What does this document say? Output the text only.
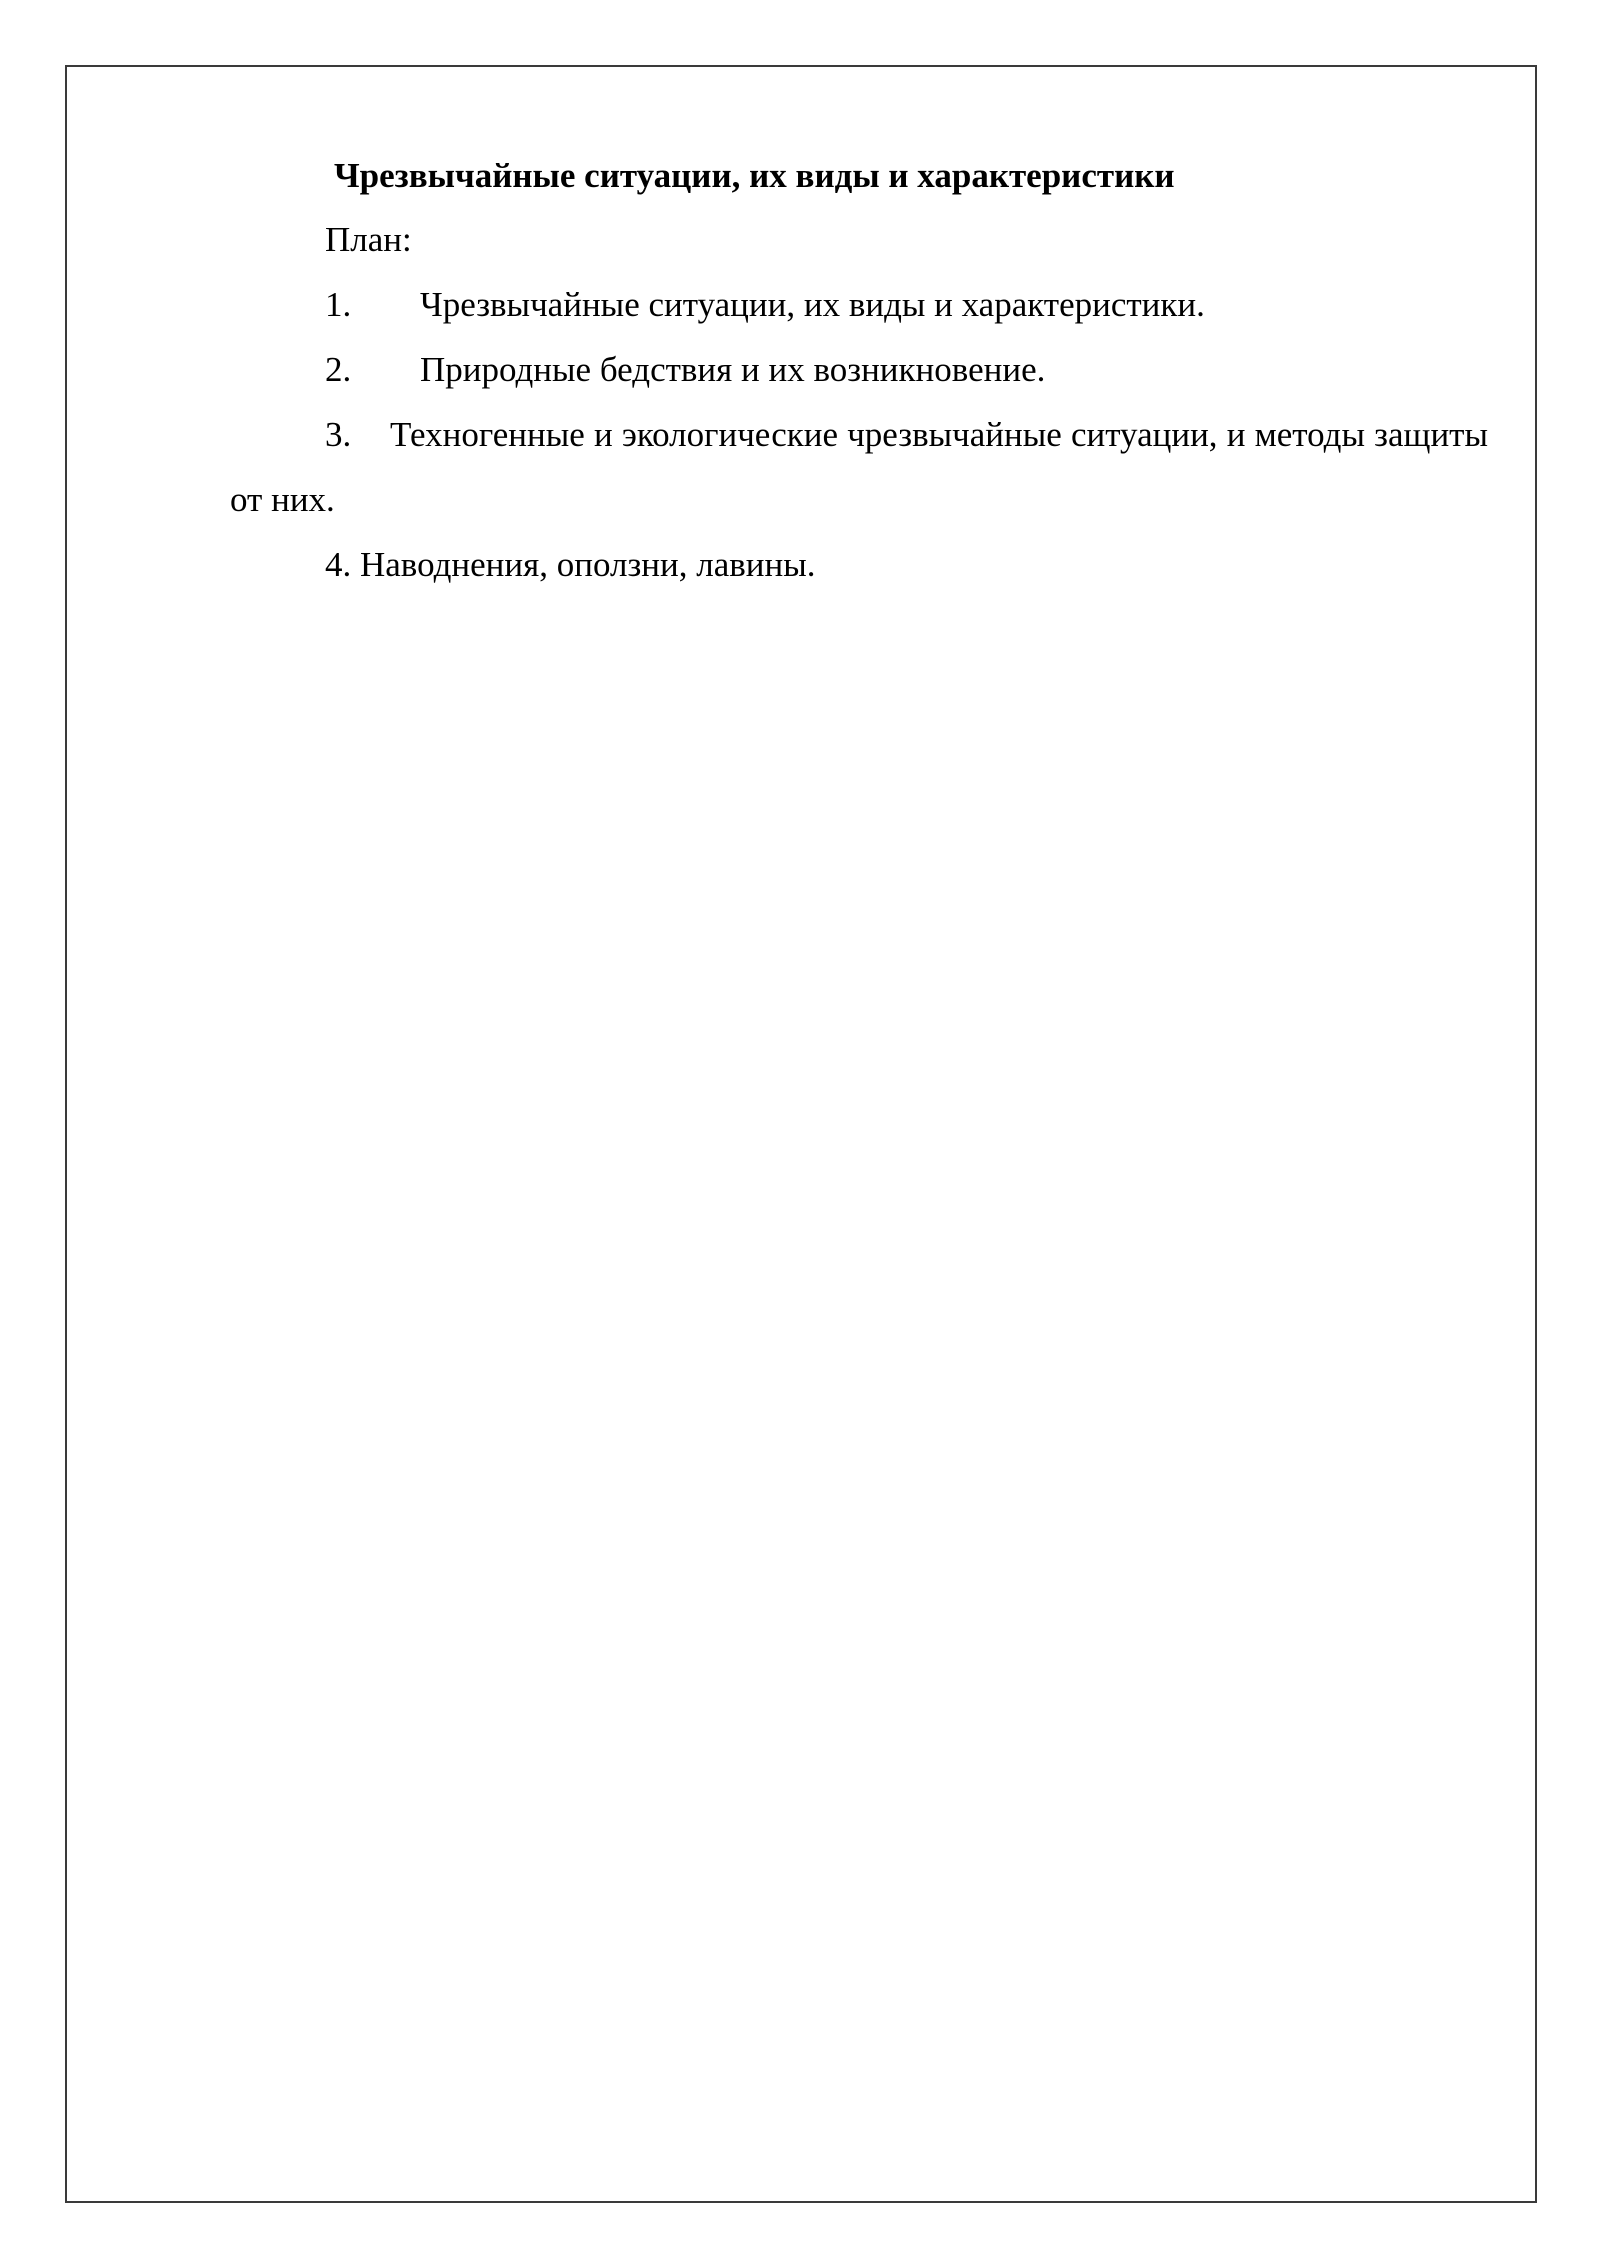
Чрезвычайные ситуации, их виды и характеристики

План:

1.	Чрезвычайные ситуации, их виды и характеристики.
2.	Природные бедствия и их возникновение.

3. Техногенные и экологические чрезвычайные ситуации, и методы защиты от них.

4. Наводнения, оползни, лавины.
